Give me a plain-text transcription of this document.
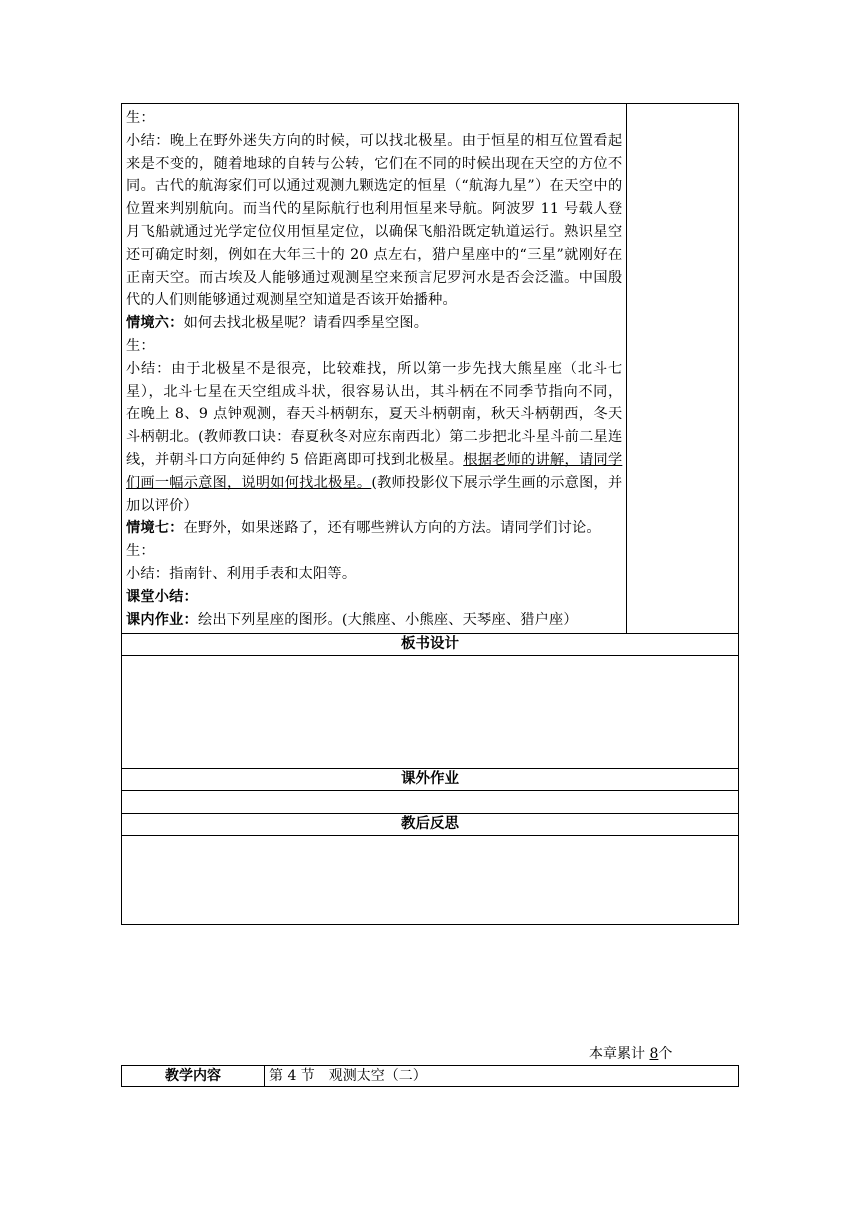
生：

小结：晚上在野外迷失方向的时候，可以找北极星。由于恒星的相互位置看起来是不变的，随着地球的自转与公转，它们在不同的时候出现在天空的方位不同。古代的航海家们可以通过观测九颗选定的恒星（“航海九星”）在天空中的位置来判别航向。而当代的星际航行也利用恒星来导航。阿波罗 11 号载人登月飞船就通过光学定位仪用恒星定位，以确保飞船沿既定轨道运行。熟识星空还可确定时刻，例如在大年三十的 20 点左右，猎户星座中的“三星”就刚好在正南天空。而古埃及人能够通过观测星空来预言尼罗河水是否会泛滥。中国殷代的人们则能够通过观测星空知道是否该开始播种。

情境六：如何去找北极星呢？请看四季星空图。

生：

小结：由于北极星不是很亮，比较难找，所以第一步先找大熊星座（北斗七星），北斗七星在天空组成斗状，很容易认出，其斗柄在不同季节指向不同，在晚上 8、9 点钟观测，春天斗柄朝东，夏天斗柄朝南，秋天斗柄朝西，冬天斗柄朝北。(教师教口诀：春夏秋冬对应东南西北）第二步把北斗星斗前二星连线，并朝斗口方向延伸约 5 倍距离即可找到北极星。根据老师的讲解，请同学们画一幅示意图，说明如何找北极星。(教师投影仪下展示学生画的示意图，并加以评价）

情境七：在野外，如果迷路了，还有哪些辨认方向的方法。请同学们讨论。

生：

小结：指南针、利用手表和太阳等。

课堂小结：

课内作业：绘出下列星座的图形。(大熊座、小熊座、天琴座、猎户座）

板书设计

课外作业

教后反思

本章累计 8个
教学内容	第 4 节　观测太空（二）
